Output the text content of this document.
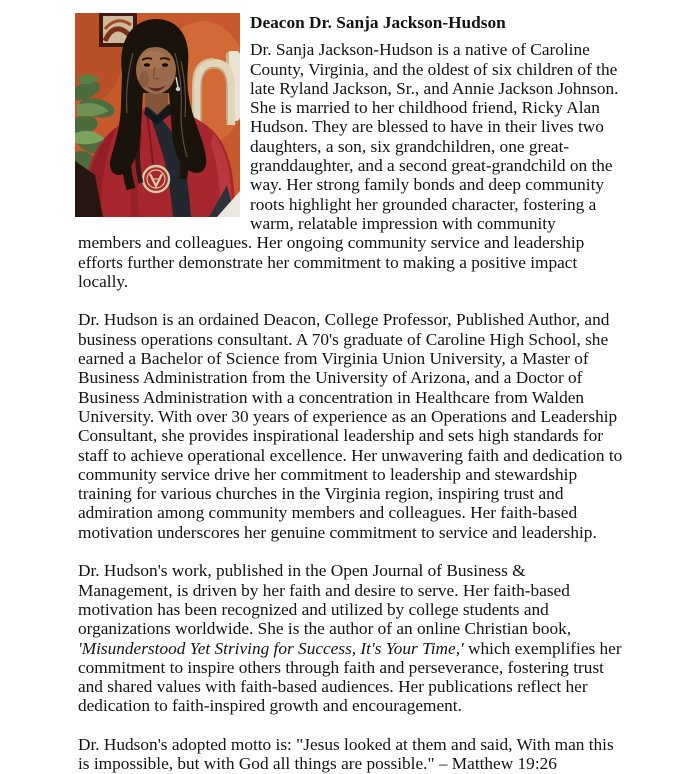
Deacon Dr. Sanja Jackson-Hudson

Dr. Sanja Jackson-Hudson is a native of Caroline County, Virginia, and the oldest of six children of the late Ryland Jackson, Sr., and Annie Jackson Johnson. She is married to her childhood friend, Ricky Alan Hudson. They are blessed to have in their lives two daughters, a son, six grandchildren, one great-granddaughter, and a second great-grandchild on the way. Her strong family bonds and deep community roots highlight her grounded character, fostering a warm, relatable impression with community members and colleagues. Her ongoing community service and leadership efforts further demonstrate her commitment to making a positive impact locally.

Dr. Hudson is an ordained Deacon, College Professor, Published Author, and business operations consultant. A 70's graduate of Caroline High School, she earned a Bachelor of Science from Virginia Union University, a Master of Business Administration from the University of Arizona, and a Doctor of Business Administration with a concentration in Healthcare from Walden University. With over 30 years of experience as an Operations and Leadership Consultant, she provides inspirational leadership and sets high standards for staff to achieve operational excellence. Her unwavering faith and dedication to community service drive her commitment to leadership and stewardship training for various churches in the Virginia region, inspiring trust and admiration among community members and colleagues. Her faith-based motivation underscores her genuine commitment to service and leadership.

Dr. Hudson's work, published in the Open Journal of Business & Management, is driven by her faith and desire to serve. Her faith-based motivation has been recognized and utilized by college students and organizations worldwide. She is the author of an online Christian book, 'Misunderstood Yet Striving for Success, It's Your Time,' which exemplifies her commitment to inspire others through faith and perseverance, fostering trust and shared values with faith-based audiences. Her publications reflect her dedication to faith-inspired growth and encouragement.

Dr. Hudson's adopted motto is: "Jesus looked at them and said, With man this is impossible, but with God all things are possible." – Matthew 19:26
